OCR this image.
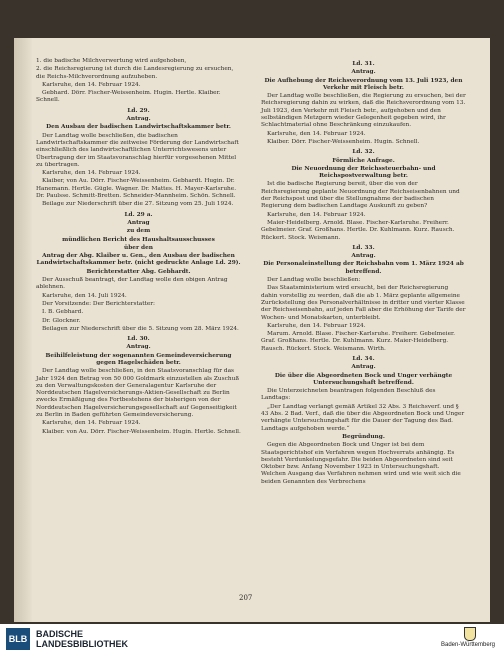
1. die badische Milchverwertung wird aufgehoben,

2. die Reichsregierung ist durch die Landesregierung zu ersuchen, die Reichs-Milchverordnung aufzuheben.

Karlsruhe, den 14. Februar 1924.

Gebhard. Dörr. Fischer-Weissenheim. Hugin. Hertle. Klaiber. Schnell.

Ld. 29.

Antrag.

Den Ausbau der badischen Landwirtschaftskammer betr.

Der Landtag wolle beschließen, die badischen Landwirtschaftskammer die zeitweise Förderung der Landwirtschaft einschließlich des landwirtschaftlichen Unterrichtswesens unter Übertragung der im Staatsvoranschlag hierfür vorgesehenen Mittel zu übertragen.

Karlsruhe, den 14. Februar 1924.

Klaiber, von Au. Dörr. Fischer-Weissenheim. Gebhardt. Hugin. Dr. Hanemann. Hertle. Gügle. Wagner. Dr. Mattes. H. Mayer-Karlsruhe. Dr. Paulsse. Schmitt-Bretten. Schneider-Mannheim. Schön. Schnell.

Beilage zur Niederschrift über die 27. Sitzung vom 25. Juli 1924.

Ld. 29 a.

Antrag

zu dem

mündlichen Bericht des Haushaltsausschusses

über den

Antrag der Abg. Klaiber u. Gen., den Ausbau der badischen Landwirtschaftskammer betr. (nicht gedruckte Anlage Ld. 29).

Berichterstatter Abg. Gebhardt.

Der Ausschuß beantragt, der Landtag wolle den obigen Antrag ablehnen.

Karlsruhe, den 14. Juli 1924.

Der Vorsitzende: Der Berichterstatter:

I. B. Gebhard.

Dr. Glockner.

Beilagen zur Niederschrift über die 5. Sitzung vom 28. März 1924.

Ld. 30.

Antrag.

Beihilfeleistung der sogenannten Gemeindeversicherung gegen Hagelschäden betr.

Der Landtag wolle beschließen, in den Staatsvoranschlag für das Jahr 1924 den Betrag von 50 000 Goldmark einzustellen als Zuschuß zu den Verwaltungskosten der Generalagentur Karlsruhe der Norddeutschen Hagelversicherungs-Aktien-Gesellschaft zu Berlin zwecks Ermäßigung des Fortbestehens der bisherigen von der Norddeutschen Hagelversicherungsgesellschaft auf Gegenseitigkeit zu Berlin in Baden geführten Gemeindeversicherung.

Karlsruhe, den 14. Februar 1924.

Klaiber. von Au. Dörr. Fischer-Weissenheim. Hugin. Hertle. Schnell.

Ld. 31.

Antrag.

Die Aufhebung der Reichsverordnung vom 13. Juli 1923, den Verkehr mit Fleisch betr.

Der Landtag wolle beschließen, die Regierung zu ersuchen, bei der Reichsregierung dahin zu wirken, daß die Reichsverordnung vom 13. Juli 1923, den Verkehr mit Fleisch betr., aufgehoben und den selbständigen Metzgern wieder Gelegenheit gegeben wird, ihr Schlachtmaterial ohne Beschränkung einzukaufen.

Karlsruhe, den 14. Februar 1924.

Klaiber. Dörr. Fischer-Weissenheim. Hugin. Schnell.

Ld. 32.

Förmliche Anfrage.

Die Neuordnung der Reichssteuerbahn- und Reichspostverwaltung betr.

Ist die badische Regierung bereit, über die von der Reichsregierung geplante Neuordnung der Reichseisenbahnen und der Reichspost und über die Stellungnahme der badischen Regierung dem badischen Landtage Auskunft zu geben?

Karlsruhe, den 14. Februar 1924.

Maier-Heidelberg. Arnold. Blase. Fischer-Karlsruhe. Freiherr. Gebelmeier. Graf. Großhans. Hertle. Dr. Kuhlmann. Kurz. Rausch. Rückert. Stock. Weismann.

Ld. 33.

Antrag.

Die Personaleinstellung der Reichsbahn vom 1. März 1924 ab betreffend.

Der Landtag wolle beschließen:

Das Staatsministerium wird ersucht, bei der Reichsregierung dahin vorstellig zu werden, daß die ab 1. März geplante allgemeine Zurückstellung des Personalverhältnisse in dritter und vierter Klasse der Reichseisenbahn, auf jeden Fall aber die Erhöhung der Tarife der Wochen- und Monatskarten, unterbleibt.

Karlsruhe, den 14. Februar 1924.

Marum. Arnold. Blase. Fischer-Karlsruhe. Freiherr. Gebelmeier. Graf. Großhans. Hertle. Dr. Kuhlmann. Kurz. Maier-Heidelberg. Rausch. Rückert. Stock. Weismann. Wirth.

Ld. 34.

Antrag.

Die über die Abgeordneten Bock und Unger verhängte Untersuchungshaft betreffend.

Die Unterzeichneten beantragen folgenden Beschluß des Landtags:

„Der Landtag verlangt gemäß Artikel 32 Abs. 3 Reichsverf. und § 43 Abs. 2 Bad. Verf., daß die über die Abgeordneten Bock und Unger verhängte Untersuchungshaft für die Dauer der Tagung des Bad. Landtags aufgehoben werde.“

Begründung.

Gegen die Abgeordneten Bock und Unger ist bei dem Staatsgerichtshof ein Verfahren wegen Hochverrats anhängig. Es besteht Verdunkelungsgefahr. Die beiden Abgeordneten sind seit Oktober bzw. Anfang November 1923 in Untersuchungshaft. Welchen Ausgang das Verfahren nehmen wird und wie weit sich die beiden Genannten des Verbrechens

207
BLB BADISCHE
LANDESBIBLIOTHEK	Baden-Württemberg
